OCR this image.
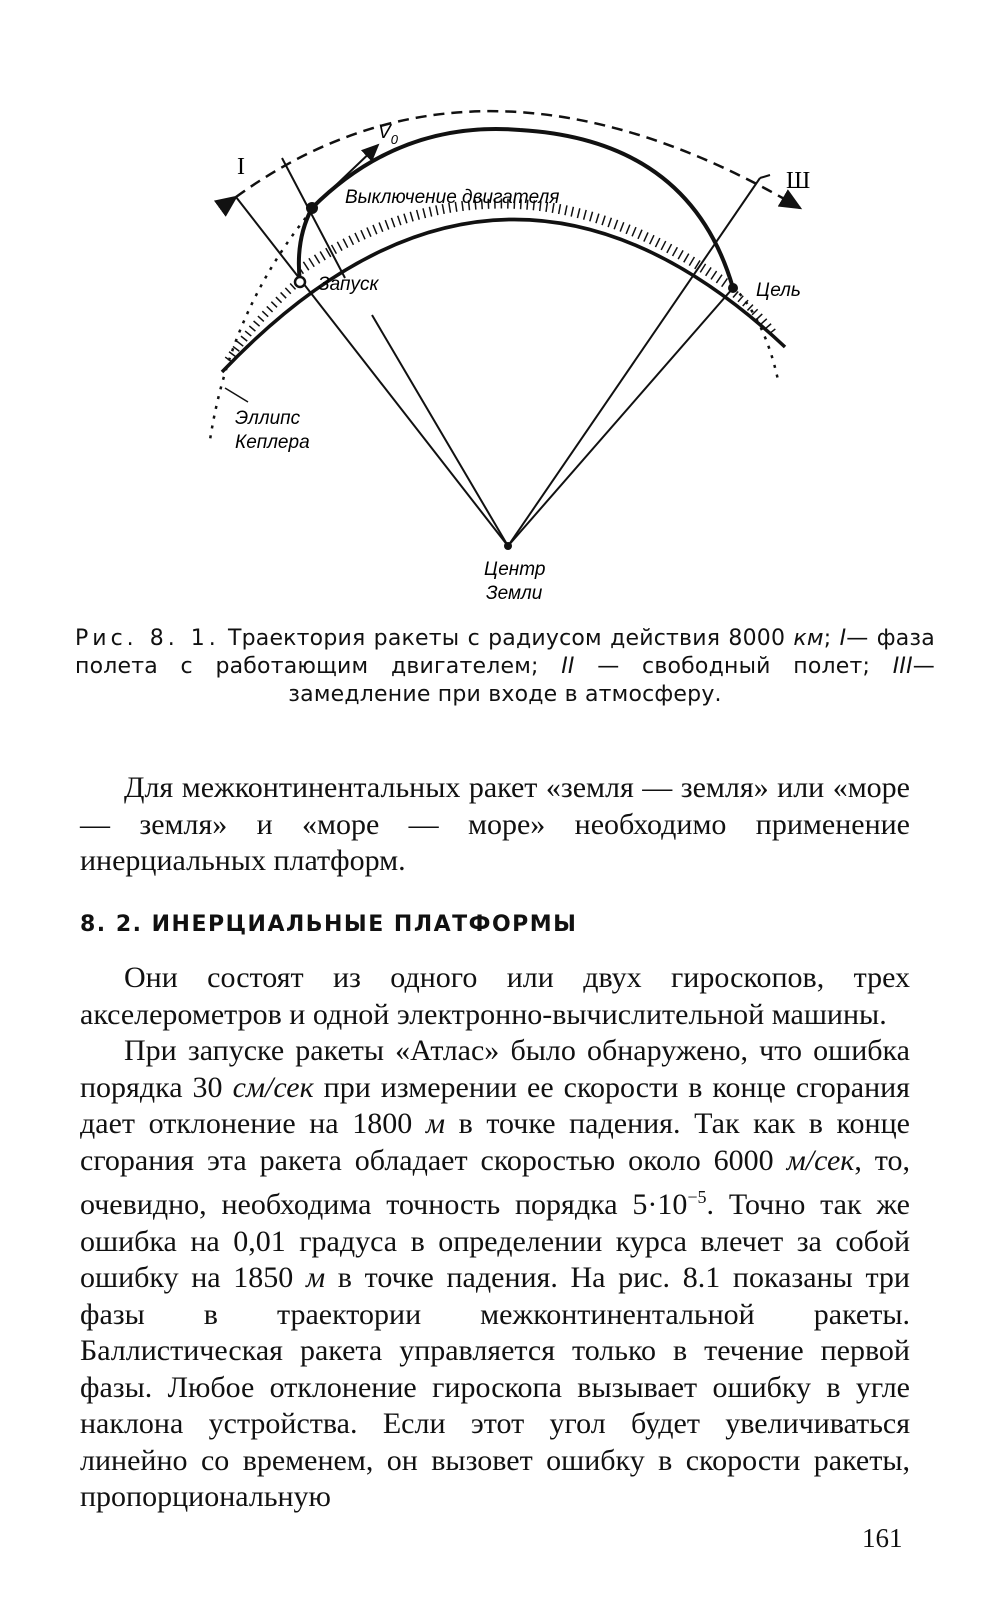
$V_0$
Выключение двигателя
Запуск	Цель
Эллипс
Кеплера
Центр
Земли
I
Ш
Рис. 8. 1. Траектория ракеты с радиусом действия 8000 км; I— фаза полета с работающим двигателем; II — свободный полет; III— замедление при входе в атмосферу.

Для межконтинентальных ракет «земля — земля» или «море — земля» и «море — море» необходимо применение инерциальных платформ.

8. 2. ИНЕРЦИАЛЬНЫЕ ПЛАТФОРМЫ

Они состоят из одного или двух гироскопов, трех акселерометров и одной электронно-вычислительной машины.

При запуске ракеты «Атлас» было обнаружено, что ошибка порядка 30 см/сек при измерении ее скорости в конце сгорания дает отклонение на 1800 м в точке падения. Так как в конце сгорания эта ракета обладает скоростью около 6000 м/сек, то, очевидно, необходима точность порядка $5\cdot 10^{-5}$. Точно так же ошибка на 0,01 градуса в определении курса влечет за собой ошибку на 1850 м в точке падения. На рис. 8.1 показаны три фазы в траектории межконтинентальной ракеты. Баллистическая ракета управляется только в течение первой фазы. Любое отклонение гироскопа вызывает ошибку в угле наклона устройства. Если этот угол будет увеличиваться линейно со временем, он вызовет ошибку в скорости ракеты, пропорциональную

161
